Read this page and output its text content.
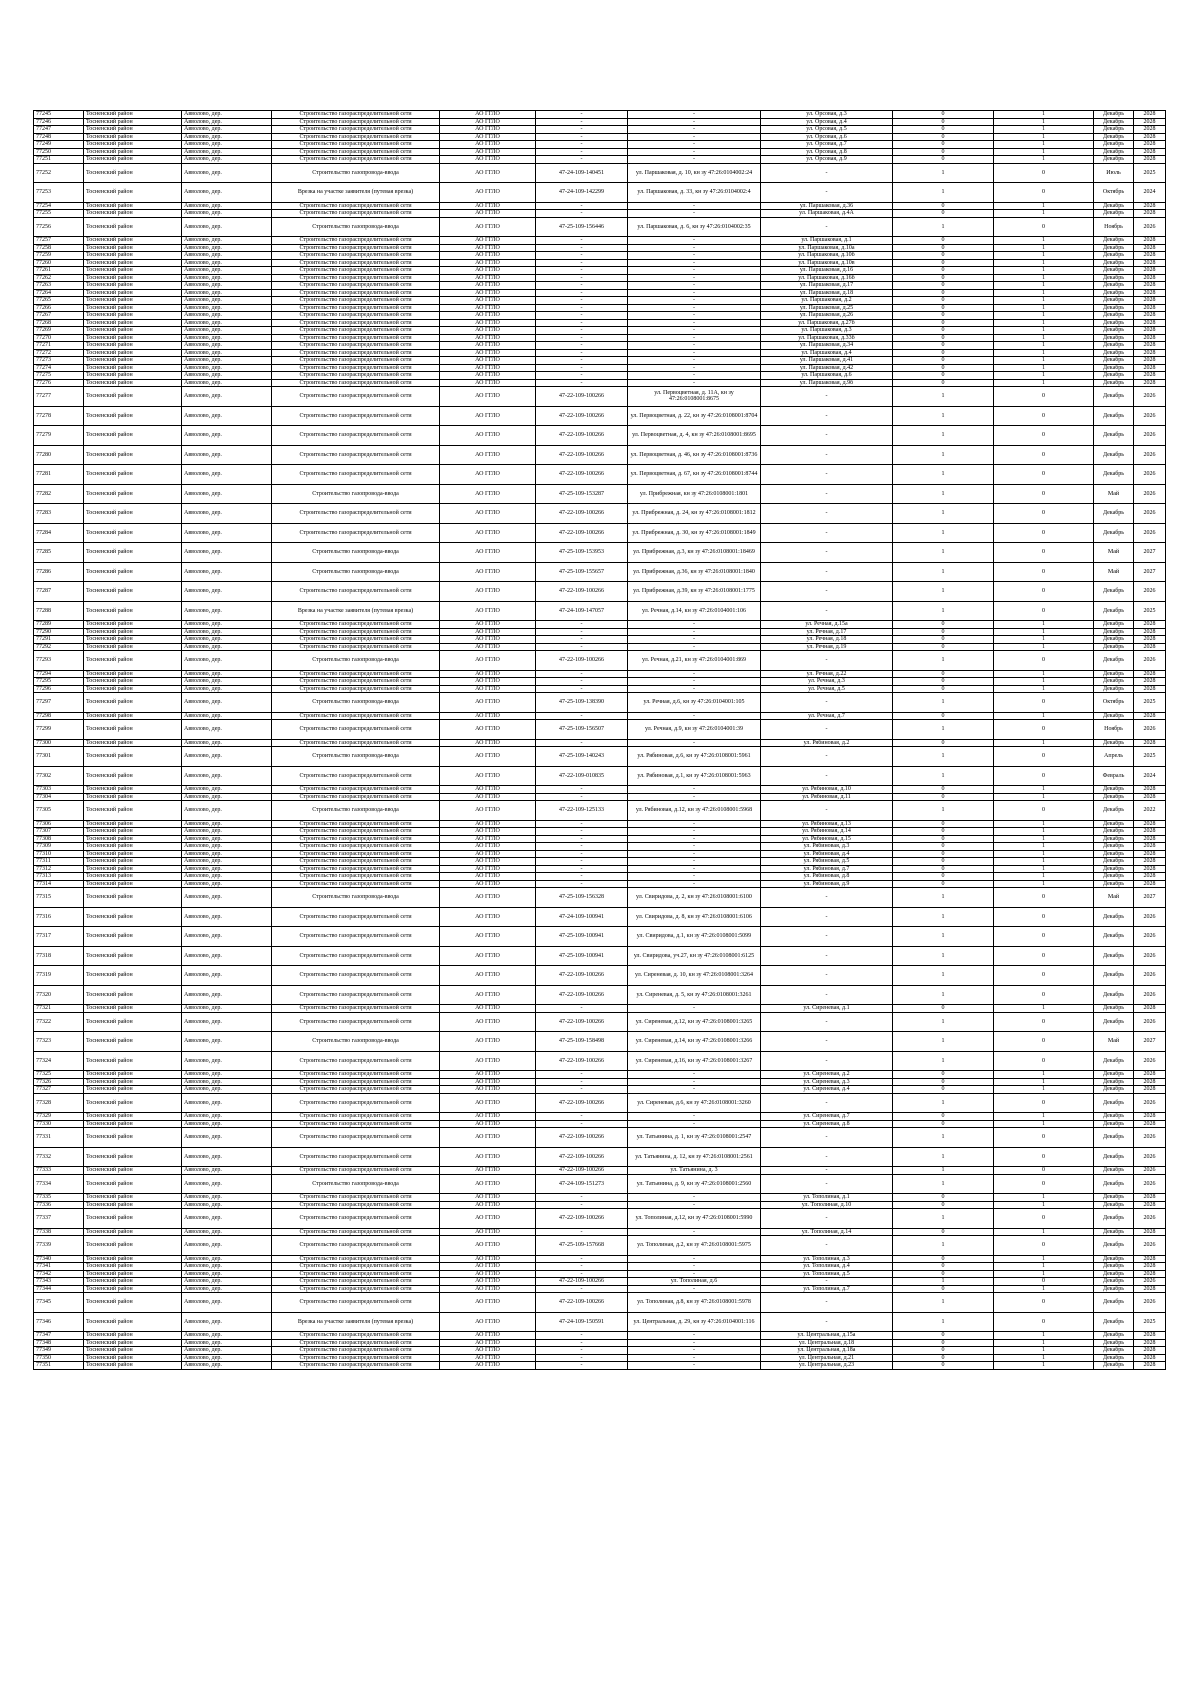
77245	Тосненский район	Авволово, дер.	Строительство газораспределительной сети	АО ГГЛО	-	-	ул. Орсовая, д.3	0	1	Декабрь	2028
77246	Тосненский район	Авволово, дер.	Строительство газораспределительной сети	АО ГГЛО	-	-	ул. Орсовая, д.4	0	1	Декабрь	2028
77247	Тосненский район	Авволово, дер.	Строительство газораспределительной сети	АО ГГЛО	-	-	ул. Орсовая, д.5	0	1	Декабрь	2028
77248	Тосненский район	Авволово, дер.	Строительство газораспределительной сети	АО ГГЛО	-	-	ул. Орсовая, д.6	0	1	Декабрь	2028
77249	Тосненский район	Авволово, дер.	Строительство газораспределительной сети	АО ГГЛО	-	-	ул. Орсовая, д.7	0	1	Декабрь	2028
77250	Тосненский район	Авволово, дер.	Строительство газораспределительной сети	АО ГГЛО	-	-	ул. Орсовая, д.8	0	1	Декабрь	2028
77251	Тосненский район	Авволово, дер.	Строительство газораспределительной сети	АО ГГЛО	-	-	ул. Орсовая, д.9	0	1	Декабрь	2028
77252	Тосненский район	Авволово, дер.	Строительство газопровода-ввода	АО ГГЛО	47-24-109-140451	ул. Паршаковая, д. 10, кн зу 47:26:0104002:24	-	1	0	Июль	2025
77253	Тосненский район	Авволово, дер.	Врезка на участке заявителя (путевая врезка)	АО ГГЛО	47-24-109-142299	ул. Паршаковая, д. 33, кн зу 47:26:0104002:4	-	1	0	Октябрь	2024
77254	Тосненский район	Авволово, дер.	Строительство газораспределительной сети	АО ГГЛО	-	-	ул. Паршаковая, д.36	0	1	Декабрь	2028
77255	Тосненский район	Авволово, дер.	Строительство газораспределительной сети	АО ГГЛО	-	-	ул. Паршаковая, д.4А	0	1	Декабрь	2028
77256	Тосненский район	Авволово, дер.	Строительство газопровода-ввода	АО ГГЛО	47-25-109-156446	ул. Паршаковая, д. 6, кн зу 47:26:0104002:35	-	1	0	Ноябрь	2026
77257	Тосненский район	Авволово, дер.	Строительство газораспределительной сети	АО ГГЛО	-	-	ул. Паршаковая, д.1	0	1	Декабрь	2028
77258	Тосненский район	Авволово, дер.	Строительство газораспределительной сети	АО ГГЛО	-	-	ул. Паршаковая, д.10а	0	1	Декабрь	2028
77259	Тосненский район	Авволово, дер.	Строительство газораспределительной сети	АО ГГЛО	-	-	ул. Паршаковая, д.10б	0	1	Декабрь	2028
77260	Тосненский район	Авволово, дер.	Строительство газораспределительной сети	АО ГГЛО	-	-	ул. Паршаковая, д.10в	0	1	Декабрь	2028
77261	Тосненский район	Авволово, дер.	Строительство газораспределительной сети	АО ГГЛО	-	-	ул. Паршаковая, д.16	0	1	Декабрь	2028
77262	Тосненский район	Авволово, дер.	Строительство газораспределительной сети	АО ГГЛО	-	-	ул. Паршаковая, д.16б	0	1	Декабрь	2028
77263	Тосненский район	Авволово, дер.	Строительство газораспределительной сети	АО ГГЛО	-	-	ул. Паршаковая, д.17	0	1	Декабрь	2028
77264	Тосненский район	Авволово, дер.	Строительство газораспределительной сети	АО ГГЛО	-	-	ул. Паршаковая, д.18	0	1	Декабрь	2028
77265	Тосненский район	Авволово, дер.	Строительство газораспределительной сети	АО ГГЛО	-	-	ул. Паршаковая, д.2	0	1	Декабрь	2028
77266	Тосненский район	Авволово, дер.	Строительство газораспределительной сети	АО ГГЛО	-	-	ул. Паршаковая, д.25	0	1	Декабрь	2028
77267	Тосненский район	Авволово, дер.	Строительство газораспределительной сети	АО ГГЛО	-	-	ул. Паршаковая, д.26	0	1	Декабрь	2028
77268	Тосненский район	Авволово, дер.	Строительство газораспределительной сети	АО ГГЛО	-	-	ул. Паршаковая, д.27б	0	1	Декабрь	2028
77269	Тосненский район	Авволово, дер.	Строительство газораспределительной сети	АО ГГЛО	-	-	ул. Паршаковая, д.3	0	1	Декабрь	2028
77270	Тосненский район	Авволово, дер.	Строительство газораспределительной сети	АО ГГЛО	-	-	ул. Паршаковая, д.33б	0	1	Декабрь	2028
77271	Тосненский район	Авволово, дер.	Строительство газораспределительной сети	АО ГГЛО	-	-	ул. Паршаковая, д.34	0	1	Декабрь	2028
77272	Тосненский район	Авволово, дер.	Строительство газораспределительной сети	АО ГГЛО	-	-	ул. Паршаковая, д.4	0	1	Декабрь	2028
77273	Тосненский район	Авволово, дер.	Строительство газораспределительной сети	АО ГГЛО	-	-	ул. Паршаковая, д.41	0	1	Декабрь	2028
77274	Тосненский район	Авволово, дер.	Строительство газораспределительной сети	АО ГГЛО	-	-	ул. Паршаковая, д.42	0	1	Декабрь	2028
77275	Тосненский район	Авволово, дер.	Строительство газораспределительной сети	АО ГГЛО	-	-	ул. Паршаковая, д.6	0	1	Декабрь	2028
77276	Тосненский район	Авволово, дер.	Строительство газораспределительной сети	АО ГГЛО	-	-	ул. Паршаковая, д.9б	0	1	Декабрь	2028
77277	Тосненский район	Авволово, дер.	Строительство газораспределительной сети	АО ГГЛО	47-22-109-100266	ул. Первоцветная, д. 11А, кн зу 47:26:0108001:8675	-	1	0	Декабрь	2026
77278	Тосненский район	Авволово, дер.	Строительство газораспределительной сети	АО ГГЛО	47-22-109-100266	ул. Первоцветная, д. 22, кн зу 47:26:0108001:8704	-	1	0	Декабрь	2026
77279	Тосненский район	Авволово, дер.	Строительство газораспределительной сети	АО ГГЛО	47-22-109-100266	ул. Первоцветная, д. 4, кн зу 47:26:0108001:8695	-	1	0	Декабрь	2026
77280	Тосненский район	Авволово, дер.	Строительство газораспределительной сети	АО ГГЛО	47-22-109-100266	ул. Первоцветная, д. 46, кн зу 47:26:0108001:8736	-	1	0	Декабрь	2026
77281	Тосненский район	Авволово, дер.	Строительство газораспределительной сети	АО ГГЛО	47-22-109-100266	ул. Первоцветная, д. 67, кн зу 47:26:0108001:8744	-	1	0	Декабрь	2026
77282	Тосненский район	Авволово, дер.	Строительство газопровода-ввода	АО ГГЛО	47-25-109-153287	ул. Прибрежная, кн зу 47:26:0108001:1801	-	1	0	Май	2026
77283	Тосненский район	Авволово, дер.	Строительство газораспределительной сети	АО ГГЛО	47-22-109-100266	ул. Прибрежная, д. 24, кн зу 47:26:0108001:1812	-	1	0	Декабрь	2026
77284	Тосненский район	Авволово, дер.	Строительство газораспределительной сети	АО ГГЛО	47-22-109-100266	ул. Прибрежная, д. 30, кн зу 47:26:0108001:1849	-	1	0	Декабрь	2026
77285	Тосненский район	Авволово, дер.	Строительство газопровода-ввода	АО ГГЛО	47-25-109-153953	ул. Прибрежная, д.3, кн зу 47:26:0108001:18469	-	1	0	Май	2027
77286	Тосненский район	Авволово, дер.	Строительство газопровода-ввода	АО ГГЛО	47-25-109-155657	ул. Прибрежная, д.36, кн зу 47:26:0108001:1840	-	1	0	Май	2027
77287	Тосненский район	Авволово, дер.	Строительство газораспределительной сети	АО ГГЛО	47-22-109-100266	ул. Прибрежная, д.39, кн зу 47:26:0108001:1775	-	1	0	Декабрь	2026
77288	Тосненский район	Авволово, дер.	Врезка на участке заявителя (путевая врезка)	АО ГГЛО	47-24-109-147057	ул. Речная, д.14, кн зу 47:26:0104001:106	-	1	0	Декабрь	2025
77289	Тосненский район	Авволово, дер.	Строительство газораспределительной сети	АО ГГЛО	-	-	ул. Речная, д.15а	0	1	Декабрь	2028
77290	Тосненский район	Авволово, дер.	Строительство газораспределительной сети	АО ГГЛО	-	-	ул. Речная, д.17	0	1	Декабрь	2028
77291	Тосненский район	Авволово, дер.	Строительство газораспределительной сети	АО ГГЛО	-	-	ул. Речная, д.18	0	1	Декабрь	2028
77292	Тосненский район	Авволово, дер.	Строительство газораспределительной сети	АО ГГЛО	-	-	ул. Речная, д.19	0	1	Декабрь	2028
77293	Тосненский район	Авволово, дер.	Строительство газопровода-ввода	АО ГГЛО	47-22-109-100266	ул. Речная, д.21, кн зу 47:26:0104001:869	-	1	0	Декабрь	2026
77294	Тосненский район	Авволово, дер.	Строительство газораспределительной сети	АО ГГЛО	-	-	ул. Речная, д.22	0	1	Декабрь	2028
77295	Тосненский район	Авволово, дер.	Строительство газораспределительной сети	АО ГГЛО	-	-	ул. Речная, д.3	0	1	Декабрь	2028
77296	Тосненский район	Авволово, дер.	Строительство газораспределительной сети	АО ГГЛО	-	-	ул. Речная, д.5	0	1	Декабрь	2028
77297	Тосненский район	Авволово, дер.	Строительство газопровода-ввода	АО ГГЛО	47-25-109-138390	ул. Речная, д.6, кн зу 47:26:0104001:105	-	1	0	Октябрь	2025
77298	Тосненский район	Авволово, дер.	Строительство газораспределительной сети	АО ГГЛО	-	-	ул. Речная, д.7	0	1	Декабрь	2028
77299	Тосненский район	Авволово, дер.	Строительство газораспределительной сети	АО ГГЛО	47-25-109-156507	ул. Речная, д.9, кн зу 47:26:0104001:39	-	1	0	Ноябрь	2026
77300	Тосненский район	Авволово, дер.	Строительство газораспределительной сети	АО ГГЛО	-	-	ул. Рябиновая, д.2	0	1	Декабрь	2028
77301	Тосненский район	Авволово, дер.	Строительство газопровода-ввода	АО ГГЛО	47-25-109-140243	ул. Рябиновая, д.6, кн зу 47:26:0108001:5961	-	1	0	Апрель	2025
77302	Тосненский район	Авволово, дер.	Строительство газораспределительной сети	АО ГГЛО	47-22-109-010835	ул. Рябиновая, д.1, кн зу 47:26:0108001:5963	-	1	0	Февраль	2024
77303	Тосненский район	Авволово, дер.	Строительство газораспределительной сети	АО ГГЛО	-	-	ул. Рябиновая, д.10	0	1	Декабрь	2028
77304	Тосненский район	Авволово, дер.	Строительство газораспределительной сети	АО ГГЛО	-	-	ул. Рябиновая, д.11	0	1	Декабрь	2028
77305	Тосненский район	Авволово, дер.	Строительство газопровода-ввода	АО ГГЛО	47-22-109-125133	ул. Рябиновая, д.12, кн зу 47:26:0108001:5968	-	1	0	Декабрь	2022
77306	Тосненский район	Авволово, дер.	Строительство газораспределительной сети	АО ГГЛО	-	-	ул. Рябиновая, д.13	0	1	Декабрь	2028
77307	Тосненский район	Авволово, дер.	Строительство газораспределительной сети	АО ГГЛО	-	-	ул. Рябиновая, д.14	0	1	Декабрь	2028
77308	Тосненский район	Авволово, дер.	Строительство газораспределительной сети	АО ГГЛО	-	-	ул. Рябиновая, д.15	0	1	Декабрь	2028
77309	Тосненский район	Авволово, дер.	Строительство газораспределительной сети	АО ГГЛО	-	-	ул. Рябиновая, д.3	0	1	Декабрь	2028
77310	Тосненский район	Авволово, дер.	Строительство газораспределительной сети	АО ГГЛО	-	-	ул. Рябиновая, д.4	0	1	Декабрь	2028
77311	Тосненский район	Авволово, дер.	Строительство газораспределительной сети	АО ГГЛО	-	-	ул. Рябиновая, д.5	0	1	Декабрь	2028
77312	Тосненский район	Авволово, дер.	Строительство газораспределительной сети	АО ГГЛО	-	-	ул. Рябиновая, д.7	0	1	Декабрь	2028
77313	Тосненский район	Авволово, дер.	Строительство газораспределительной сети	АО ГГЛО	-	-	ул. Рябиновая, д.8	0	1	Декабрь	2028
77314	Тосненский район	Авволово, дер.	Строительство газораспределительной сети	АО ГГЛО	-	-	ул. Рябиновая, д.9	0	1	Декабрь	2028
77315	Тосненский район	Авволово, дер.	Строительство газопровода-ввода	АО ГГЛО	47-25-109-156328	ул. Свиридова, д. 2, кн зу 47:26:0108001:6100	-	1	0	Май	2027
77316	Тосненский район	Авволово, дер.	Строительство газораспределительной сети	АО ГГЛО	47-24-109-100941	ул. Свиридова, д. 8, кн зу 47:26:0108001:6106	-	1	0	Декабрь	2026
77317	Тосненский район	Авволово, дер.	Строительство газораспределительной сети	АО ГГЛО	47-25-109-100941	ул. Свиридова, д.1, кн зу 47:26:0108001:5099	-	1	0	Декабрь	2026
77318	Тосненский район	Авволово, дер.	Строительство газораспределительной сети	АО ГГЛО	47-25-109-100941	ул. Свиридова, уч.27, кн зу 47:26:0108001:6125	-	1	0	Декабрь	2026
77319	Тосненский район	Авволово, дер.	Строительство газораспределительной сети	АО ГГЛО	47-22-109-100266	ул. Сиреневая, д. 10, кн зу 47:26:0108001:3264	-	1	0	Декабрь	2026
77320	Тосненский район	Авволово, дер.	Строительство газораспределительной сети	АО ГГЛО	47-22-109-100266	ул. Сиреневая, д. 5, кн зу 47:26:0108001:3261	-	1	0	Декабрь	2026
77321	Тосненский район	Авволово, дер.	Строительство газораспределительной сети	АО ГГЛО	-	-	ул. Сиреневая, д.1	0	1	Декабрь	2028
77322	Тосненский район	Авволово, дер.	Строительство газораспределительной сети	АО ГГЛО	47-22-109-100266	ул. Сиреневая, д.12, кн зу 47:26:0108001:3265	-	1	0	Декабрь	2026
77323	Тосненский район	Авволово, дер.	Строительство газопровода-ввода	АО ГГЛО	47-25-109-158498	ул. Сиреневая, д.14, кн зу 47:26:0108001:3266	-	1	0	Май	2027
77324	Тосненский район	Авволово, дер.	Строительство газораспределительной сети	АО ГГЛО	47-22-109-100266	ул. Сиреневая, д.16, кн зу 47:26:0108001:3267	-	1	0	Декабрь	2026
77325	Тосненский район	Авволово, дер.	Строительство газораспределительной сети	АО ГГЛО	-	-	ул. Сиреневая, д.2	0	1	Декабрь	2028
77326	Тосненский район	Авволово, дер.	Строительство газораспределительной сети	АО ГГЛО	-	-	ул. Сиреневая, д.3	0	1	Декабрь	2028
77327	Тосненский район	Авволово, дер.	Строительство газораспределительной сети	АО ГГЛО	-	-	ул. Сиреневая, д.4	0	1	Декабрь	2028
77328	Тосненский район	Авволово, дер.	Строительство газораспределительной сети	АО ГГЛО	47-22-109-100266	ул. Сиреневая, д.6, кн зу 47:26:0108001:3260	-	1	0	Декабрь	2026
77329	Тосненский район	Авволово, дер.	Строительство газораспределительной сети	АО ГГЛО	-	-	ул. Сиреневая, д.7	0	1	Декабрь	2028
77330	Тосненский район	Авволово, дер.	Строительство газораспределительной сети	АО ГГЛО	-	-	ул. Сиреневая, д.8	0	1	Декабрь	2028
77331	Тосненский район	Авволово, дер.	Строительство газораспределительной сети	АО ГГЛО	47-22-109-100266	ул. Татьянина, д. 1, кн зу 47:26:0108001:2547	-	1	0	Декабрь	2026
77332	Тосненский район	Авволово, дер.	Строительство газораспределительной сети	АО ГГЛО	47-22-109-100266	ул. Татьянина, д. 12, кн зу 47:26:0108001:2561	-	1	0	Декабрь	2026
77333	Тосненский район	Авволово, дер.	Строительство газораспределительной сети	АО ГГЛО	47-22-109-100266	ул. Татьянина, д. 3	-	1	0	Декабрь	2026
77334	Тосненский район	Авволово, дер.	Строительство газопровода-ввода	АО ГГЛО	47-24-109-151273	ул. Татьянина, д. 9, кн зу 47:26:0108001:2560	-	1	0	Декабрь	2026
77335	Тосненский район	Авволово, дер.	Строительство газораспределительной сети	АО ГГЛО	-	-	ул. Тополиная, д.1	0	1	Декабрь	2028
77336	Тосненский район	Авволово, дер.	Строительство газораспределительной сети	АО ГГЛО	-	-	ул. Тополиная, д.10	0	1	Декабрь	2028
77337	Тосненский район	Авволово, дер.	Строительство газораспределительной сети	АО ГГЛО	47-22-109-100266	ул. Тополиная, д.12, кн зу 47:26:0108001:5990	-	1	0	Декабрь	2026
77338	Тосненский район	Авволово, дер.	Строительство газораспределительной сети	АО ГГЛО	-	-	ул. Тополиная, д.14	0	1	Декабрь	2028
77339	Тосненский район	Авволово, дер.	Строительство газораспределительной сети	АО ГГЛО	47-25-109-157668	ул. Тополиная, д.2, кн зу 47:26:0108001:5975	-	1	0	Декабрь	2026
77340	Тосненский район	Авволово, дер.	Строительство газораспределительной сети	АО ГГЛО	-	-	ул. Тополиная, д.3	0	1	Декабрь	2028
77341	Тосненский район	Авволово, дер.	Строительство газораспределительной сети	АО ГГЛО	-	-	ул. Тополиная, д.4	0	1	Декабрь	2028
77342	Тосненский район	Авволово, дер.	Строительство газораспределительной сети	АО ГГЛО	-	-	ул. Тополиная, д.5	0	1	Декабрь	2028
77343	Тосненский район	Авволово, дер.	Строительство газораспределительной сети	АО ГГЛО	47-22-109-100266	ул. Тополиная, д.6	-	1	0	Декабрь	2026
77344	Тосненский район	Авволово, дер.	Строительство газораспределительной сети	АО ГГЛО	-	-	ул. Тополиная, д.7	0	1	Декабрь	2028
77345	Тосненский район	Авволово, дер.	Строительство газораспределительной сети	АО ГГЛО	47-22-109-100266	ул. Тополиная, д.8, кн зу 47:26:0108001:5978	-	1	0	Декабрь	2026
77346	Тосненский район	Авволово, дер.	Врезка на участке заявителя (путевая врезка)	АО ГГЛО	47-24-109-150591	ул. Центральная, д. 29, кн зу 47:26:0104001:116	-	1	0	Декабрь	2025
77347	Тосненский район	Авволово, дер.	Строительство газораспределительной сети	АО ГГЛО	-	-	ул. Центральная, д.15а	0	1	Декабрь	2028
77348	Тосненский район	Авволово, дер.	Строительство газораспределительной сети	АО ГГЛО	-	-	ул. Центральная, д.18	0	1	Декабрь	2028
77349	Тосненский район	Авволово, дер.	Строительство газораспределительной сети	АО ГГЛО	-	-	ул. Центральная, д.18а	0	1	Декабрь	2028
77350	Тосненский район	Авволово, дер.	Строительство газораспределительной сети	АО ГГЛО	-	-	ул. Центральная, д.21	0	1	Декабрь	2028
77351	Тосненский район	Авволово, дер.	Строительство газораспределительной сети	АО ГГЛО	-	-	ул. Центральная, д.23	0	1	Декабрь	2028
